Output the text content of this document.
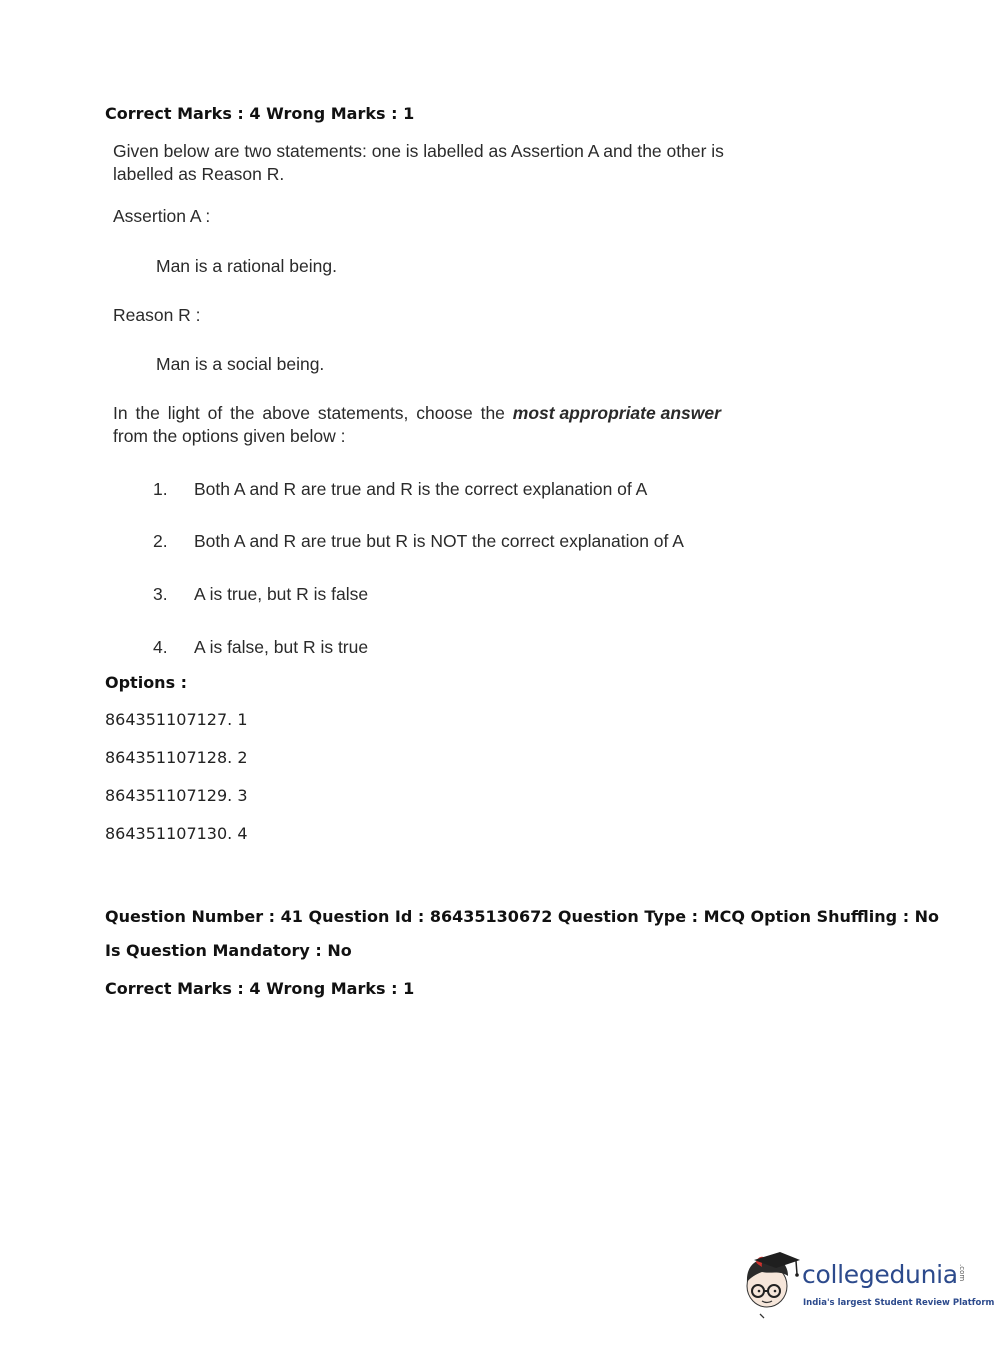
Correct Marks : 4 Wrong Marks : 1
Given below are two statements: one is labelled as Assertion A and the other is
labelled as Reason R.
Assertion A :
Man is a rational being.
Reason R :
Man is a social being.
In the light of the above statements, choose the most appropriate answer
from the options given below :
1. Both A and R are true and R is the correct explanation of A
2. Both A and R are true but R is NOT the correct explanation of A
3. A is true, but R is false
4. A is false, but R is true
Options :
864351107127. 1
864351107128. 2
864351107129. 3
864351107130. 4
Question Number : 41 Question Id : 86435130672 Question Type : MCQ Option Shuffling : No
Is Question Mandatory : No
Correct Marks : 4 Wrong Marks : 1
collegedunia .com
India's largest Student Review Platform
